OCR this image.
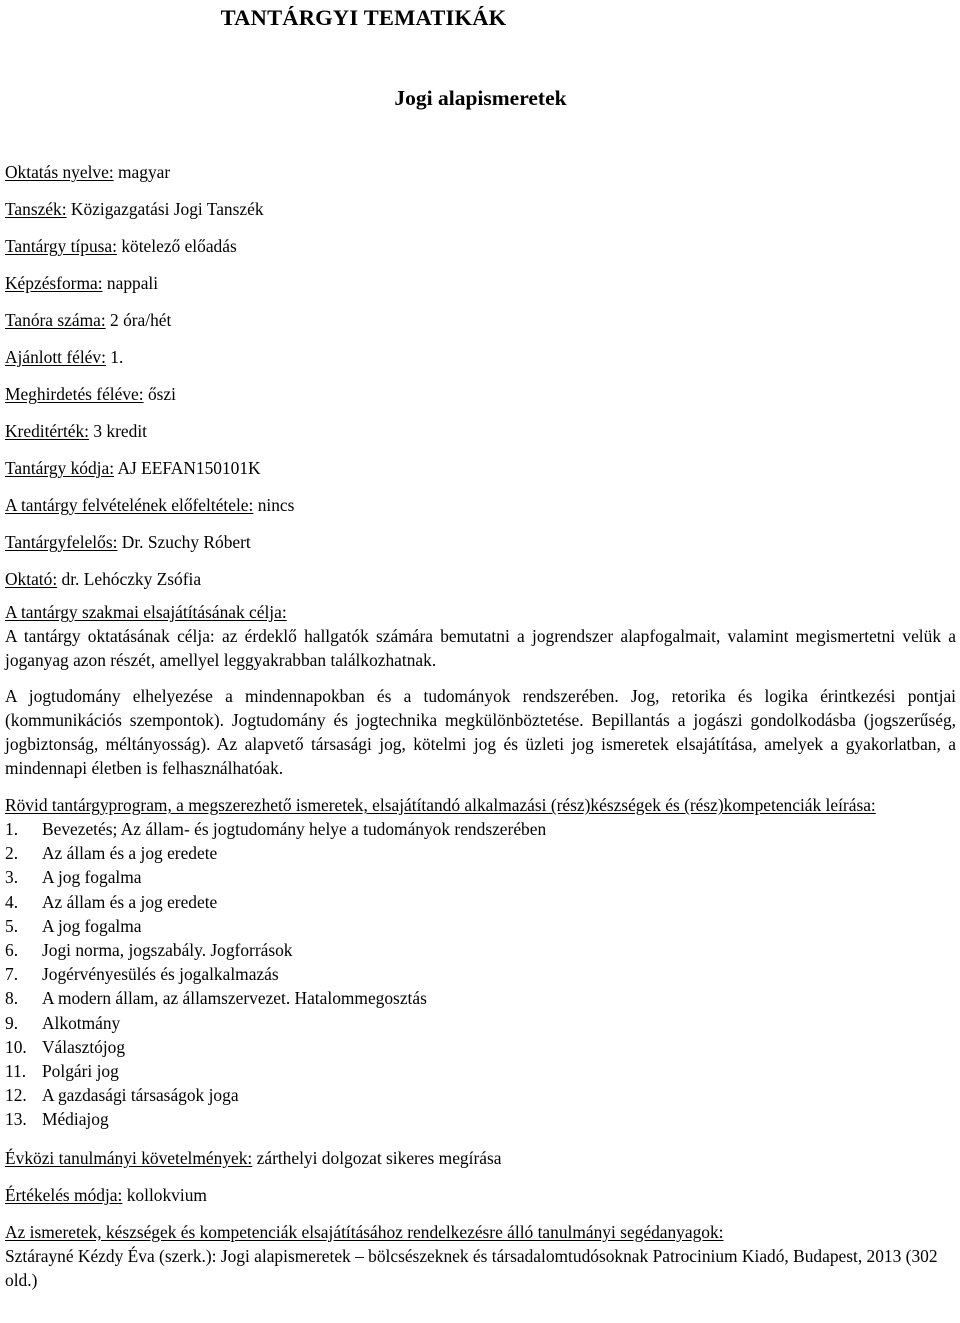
TANTÁRGYI TEMATIKÁK
Jogi alapismeretek
Oktatás nyelve: magyar
Tanszék: Közigazgatási Jogi Tanszék
Tantárgy típusa: kötelező előadás
Képzésforma: nappali
Tanóra száma: 2 óra/hét
Ajánlott félév: 1.
Meghirdetés féléve: őszi
Kreditérték: 3 kredit
Tantárgy kódja: AJ EEFAN150101K
A tantárgy felvételének előfeltétele: nincs
Tantárgyfelelős: Dr. Szuchy Róbert
Oktató: dr. Lehóczky Zsófia
A tantárgy szakmai elsajátításának célja:

A tantárgy oktatásának célja: az érdeklő hallgatók számára bemutatni a jogrendszer alapfogalmait, valamint megismertetni velük a joganyag azon részét, amellyel leggyakrabban találkozhatnak.

A jogtudomány elhelyezése a mindennapokban és a tudományok rendszerében. Jog, retorika és logika érintkezési pontjai (kommunikációs szempontok). Jogtudomány és jogtechnika megkülönböztetése. Bepillantás a jogászi gondolkodásba (jogszerűség, jogbiztonság, méltányosság). Az alapvető társasági jog, kötelmi jog és üzleti jog ismeretek elsajátítása, amelyek a gyakorlatban, a mindennapi életben is felhasználhatóak.

Rövid tantárgyprogram, a megszerezhető ismeretek, elsajátítandó alkalmazási (rész)készségek és (rész)kompetenciák leírása:
1. Bevezetés; Az állam- és jogtudomány helye a tudományok rendszerében
2. Az állam és a jog eredete
3. A jog fogalma
4. Az állam és a jog eredete
5. A jog fogalma
6. Jogi norma, jogszabály. Jogforrások
7. Jogérvényesülés és jogalkalmazás
8. A modern állam, az államszervezet. Hatalommegosztás
9. Alkotmány
10. Választójog
11. Polgári jog
12. A gazdasági társaságok joga
13. Médiajog
Évközi tanulmányi követelmények: zárthelyi dolgozat sikeres megírása
Értékelés módja: kollokvium
Az ismeretek, készségek és kompetenciák elsajátításához rendelkezésre álló tanulmányi segédanyagok:

Sztárayné Kézdy Éva (szerk.): Jogi alapismeretek – bölcsészeknek és társadalomtudósoknak Patrocinium Kiadó, Budapest, 2013 (302 old.)
